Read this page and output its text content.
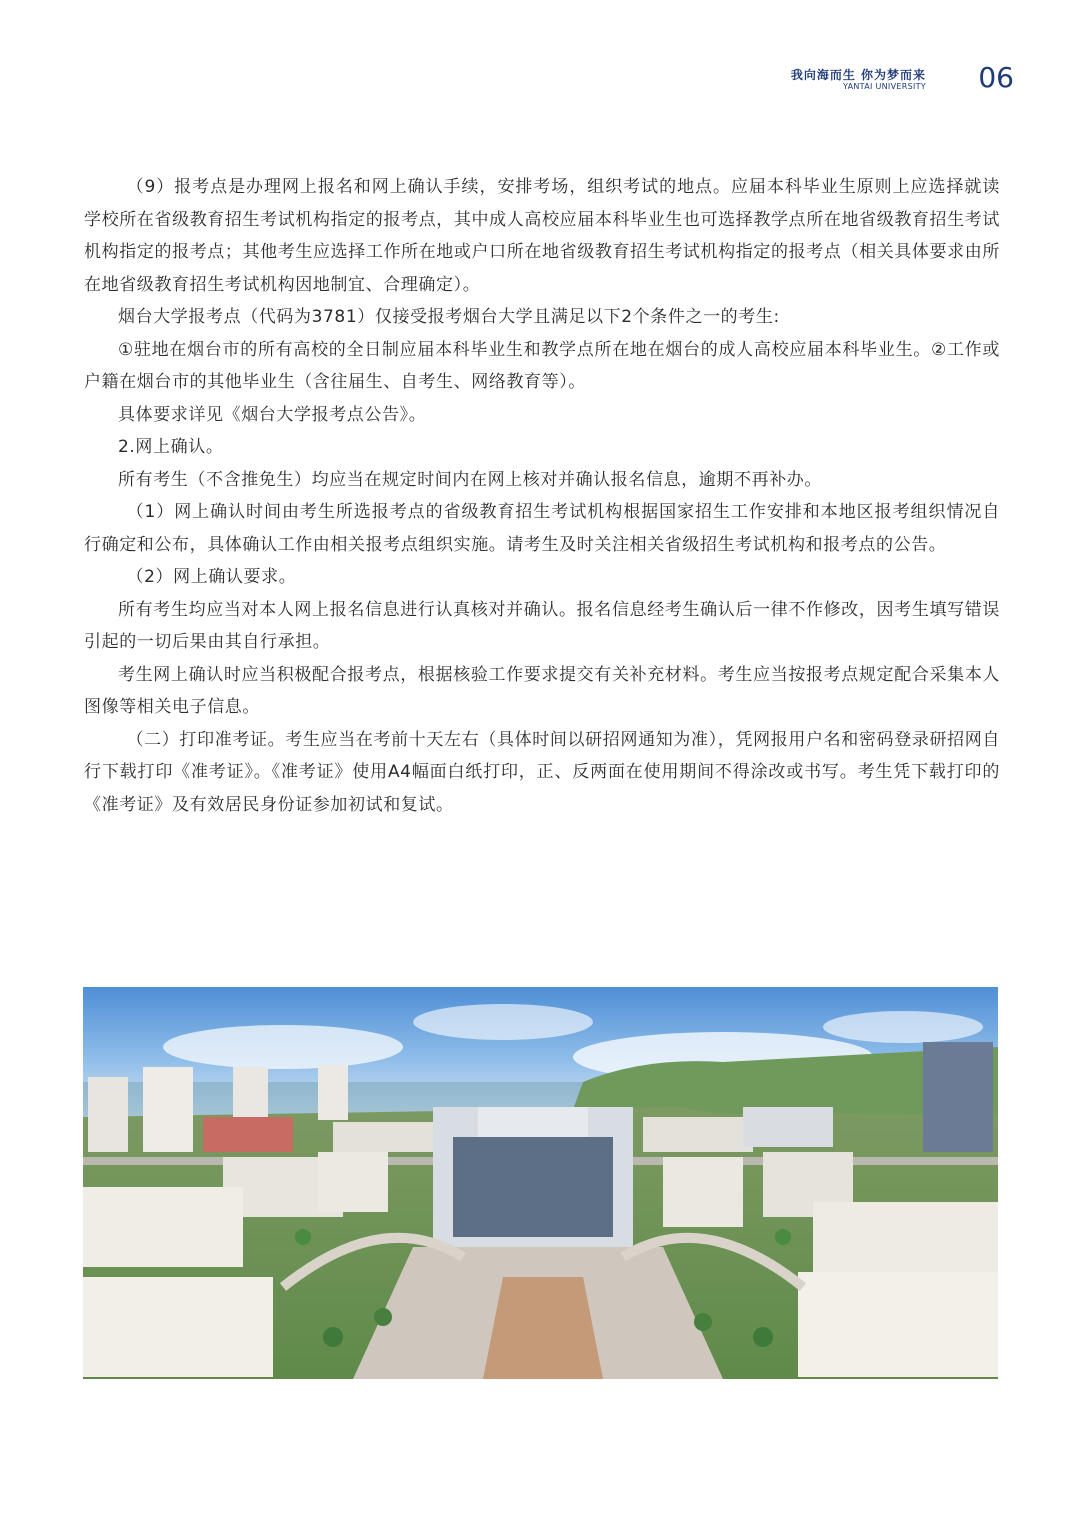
我向海而生 你为梦而来
YANTAI UNIVERSITY 06

（9）报考点是办理网上报名和网上确认手续，安排考场，组织考试的地点。应届本科毕业生原则上应选择就读学校所在省级教育招生考试机构指定的报考点，其中成人高校应届本科毕业生也可选择教学点所在地省级教育招生考试机构指定的报考点；其他考生应选择工作所在地或户口所在地省级教育招生考试机构指定的报考点（相关具体要求由所在地省级教育招生考试机构因地制宜、合理确定）。

烟台大学报考点（代码为3781）仅接受报考烟台大学且满足以下2个条件之一的考生:

①驻地在烟台市的所有高校的全日制应届本科毕业生和教学点所在地在烟台的成人高校应届本科毕业生。②工作或户籍在烟台市的其他毕业生（含往届生、自考生、网络教育等）。

具体要求详见《烟台大学报考点公告》。

2.网上确认。

所有考生（不含推免生）均应当在规定时间内在网上核对并确认报名信息，逾期不再补办。

（1）网上确认时间由考生所选报考点的省级教育招生考试机构根据国家招生工作安排和本地区报考组织情况自行确定和公布，具体确认工作由相关报考点组织实施。请考生及时关注相关省级招生考试机构和报考点的公告。

（2）网上确认要求。

所有考生均应当对本人网上报名信息进行认真核对并确认。报名信息经考生确认后一律不作修改，因考生填写错误引起的一切后果由其自行承担。

考生网上确认时应当积极配合报考点，根据核验工作要求提交有关补充材料。考生应当按报考点规定配合采集本人图像等相关电子信息。

（二）打印准考证。考生应当在考前十天左右（具体时间以研招网通知为准），凭网报用户名和密码登录研招网自行下载打印《准考证》。《准考证》使用A4幅面白纸打印，正、反两面在使用期间不得涂改或书写。考生凭下载打印的《准考证》及有效居民身份证参加初试和复试。
